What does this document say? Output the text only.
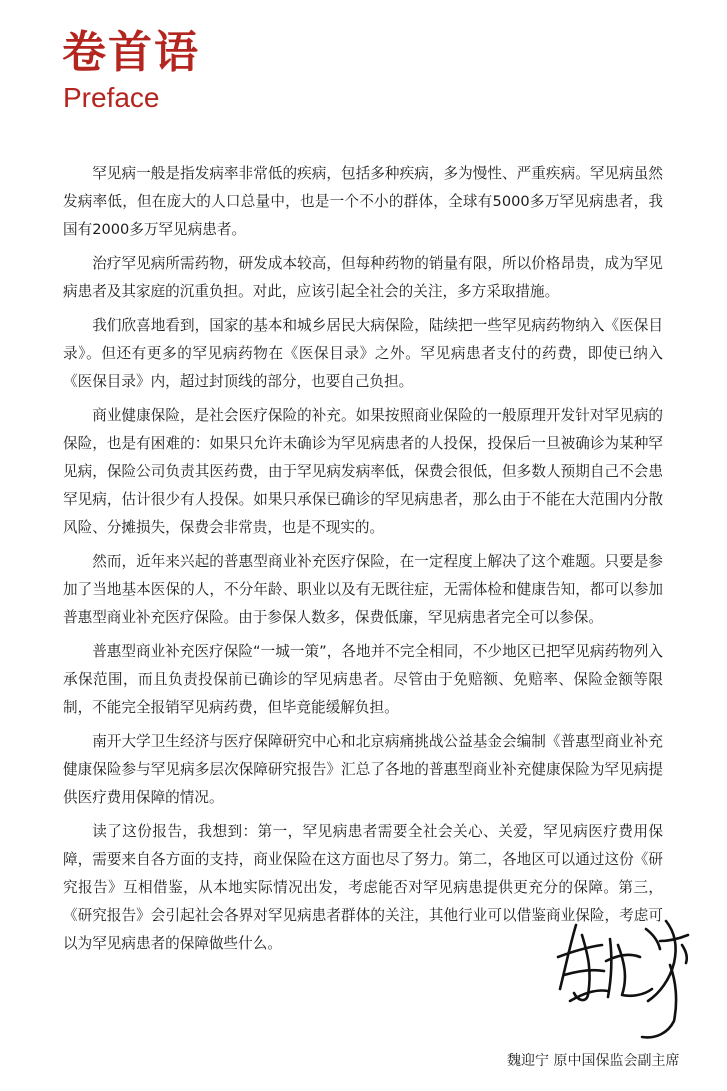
卷首语
Preface

罕见病一般是指发病率非常低的疾病，包括多种疾病，多为慢性、严重疾病。罕见病虽然发病率低，但在庞大的人口总量中，也是一个不小的群体，全球有5000多万罕见病患者，我国有2000多万罕见病患者。

治疗罕见病所需药物，研发成本较高，但每种药物的销量有限，所以价格昂贵，成为罕见病患者及其家庭的沉重负担。对此，应该引起全社会的关注，多方采取措施。

我们欣喜地看到，国家的基本和城乡居民大病保险，陆续把一些罕见病药物纳入《医保目录》。但还有更多的罕见病药物在《医保目录》之外。罕见病患者支付的药费，即使已纳入《医保目录》内，超过封顶线的部分，也要自己负担。

商业健康保险，是社会医疗保险的补充。如果按照商业保险的一般原理开发针对罕见病的保险，也是有困难的：如果只允许未确诊为罕见病患者的人投保，投保后一旦被确诊为某种罕见病，保险公司负责其医药费，由于罕见病发病率低，保费会很低，但多数人预期自己不会患罕见病，估计很少有人投保。如果只承保已确诊的罕见病患者，那么由于不能在大范围内分散风险、分摊损失，保费会非常贵，也是不现实的。

然而，近年来兴起的普惠型商业补充医疗保险，在一定程度上解决了这个难题。只要是参加了当地基本医保的人，不分年龄、职业以及有无既往症，无需体检和健康告知，都可以参加普惠型商业补充医疗保险。由于参保人数多，保费低廉，罕见病患者完全可以参保。

普惠型商业补充医疗保险“一城一策”，各地并不完全相同，不少地区已把罕见病药物列入承保范围，而且负责投保前已确诊的罕见病患者。尽管由于免赔额、免赔率、保险金额等限制，不能完全报销罕见病药费，但毕竟能缓解负担。

南开大学卫生经济与医疗保障研究中心和北京病痛挑战公益基金会编制《普惠型商业补充健康保险参与罕见病多层次保障研究报告》汇总了各地的普惠型商业补充健康保险为罕见病提供医疗费用保障的情况。

读了这份报告，我想到：第一，罕见病患者需要全社会关心、关爱，罕见病医疗费用保障，需要来自各方面的支持，商业保险在这方面也尽了努力。第二，各地区可以通过这份《研究报告》互相借鉴，从本地实际情况出发，考虑能否对罕见病患提供更充分的保障。第三，《研究报告》会引起社会各界对罕见病患者群体的关注，其他行业可以借鉴商业保险，考虑可以为罕见病患者的保障做些什么。

魏迎宁 原中国保监会副主席
